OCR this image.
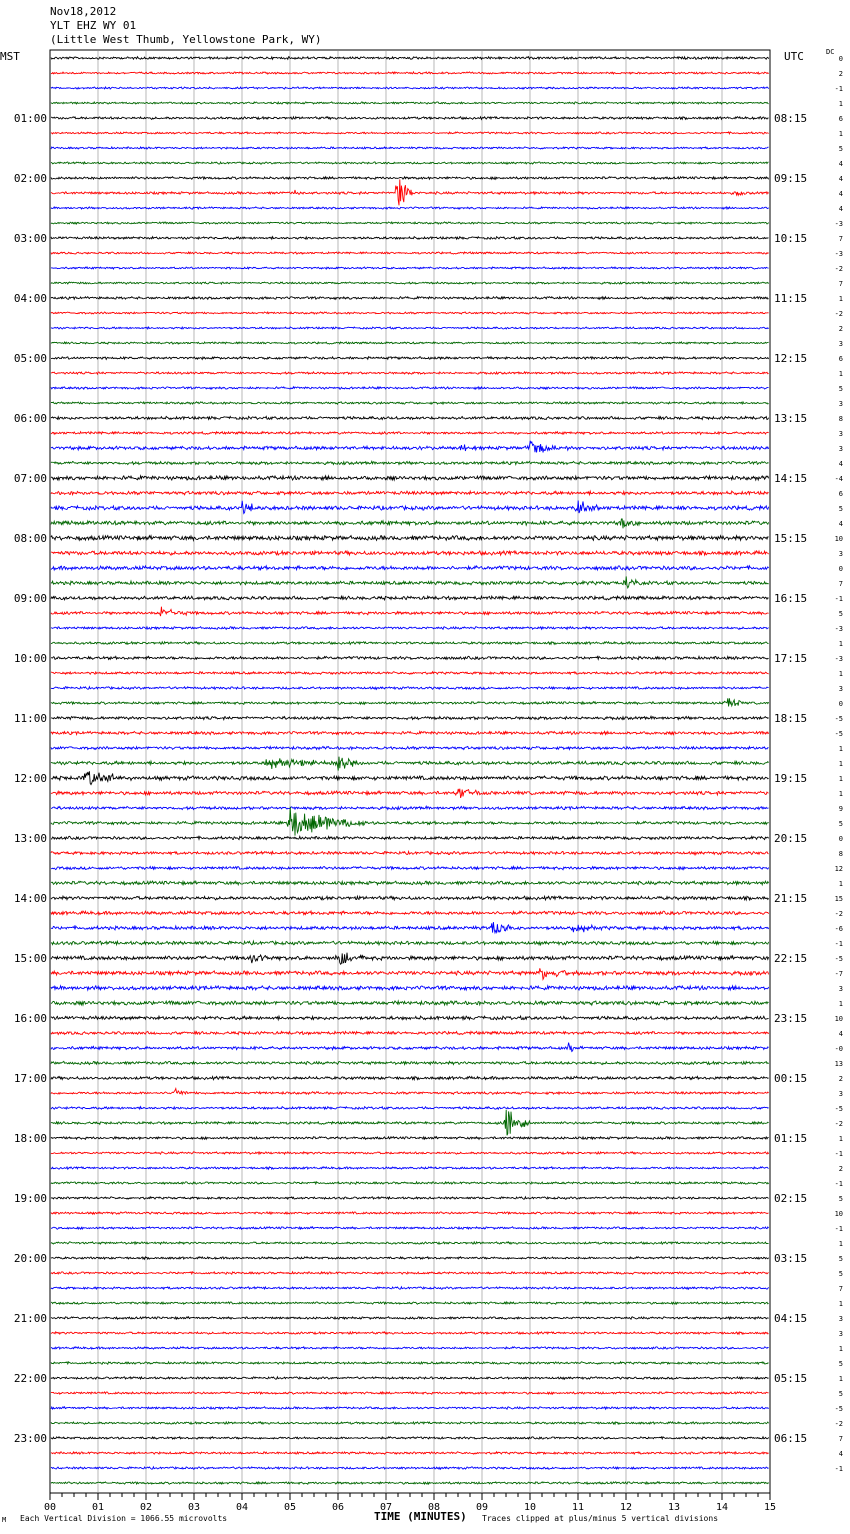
Nov18,2012
YLT EHZ WY 01
(Little West Thumb, Yellowstone Park, WY)
MST	UTC	DC
00	01	02	03	04	05	06	07	08	09	10	11	12	13	14	15
0
2
-1
1
6
1
5
4
4
4
4
-3
7
-3
-2
7
1
-2
2
3
6
1
5
3
8
3
3
4
-4
6
5
4
10
3
0
7
-1
5
-3
1
-3
1
3
0
-5
-5
1
1
1
1
9
5
0
8
12
1
15
-2
-6
-1
-5
-7
3
1
10
4
-0
13
2
3
-5
-2
1
-1
2
-1
5
10
-1
1
5
5
7
1
3
3
1
5
1
5
-5
-2
7
4
-1
01:00
02:00
03:00
04:00
05:00
06:00
07:00
08:00
09:00
10:00
11:00
12:00
13:00
14:00
15:00
16:00
17:00
18:00
19:00
20:00
21:00
22:00
23:00
08:15
09:15
10:15
11:15
12:15
13:15
14:15
15:15
16:15
17:15
18:15
19:15
20:15
21:15
22:15
23:15
00:15
01:15
02:15
03:15
04:15
05:15
06:15
TIME (MINUTES)
M Each Vertical Division = 1066.55 microvolts	Traces clipped at plus/minus 5 vertical divisions
